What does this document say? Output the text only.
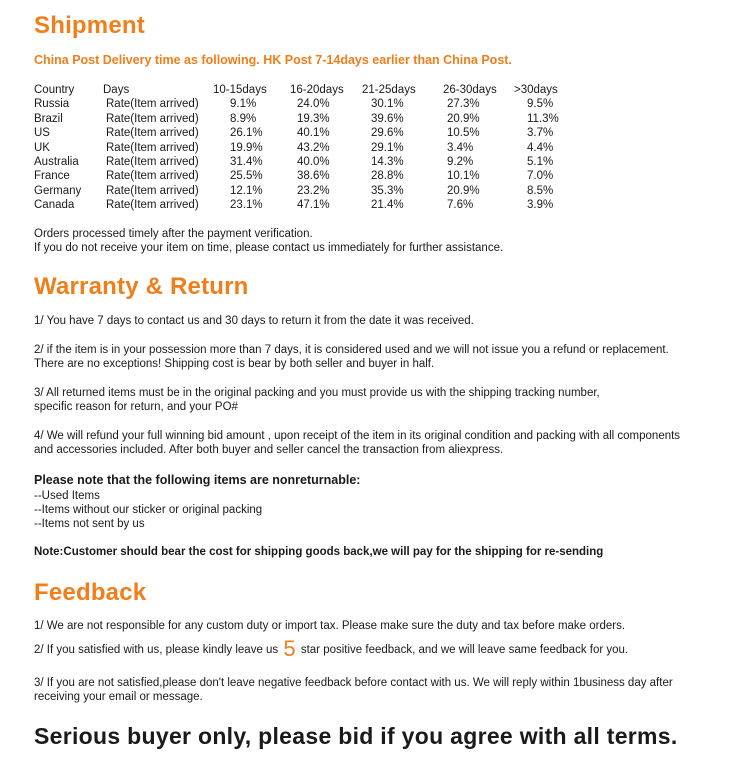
Shipment
China Post Delivery time as following. HK Post 7-14days earlier than China Post.
Country Days	10-15days 16-20days 21-25days 26-30days >30days
Russia	Rate(Item arrived)	9.1%	24.0%	30.1%	27.3%	9.5%
Brazil	Rate(Item arrived)	8.9%	19.3%	39.6%	20.9%	11.3%
US	Rate(Item arrived)	26.1%	40.1%	29.6%	10.5%	3.7%
UK	Rate(Item arrived)	19.9%	43.2%	29.1%	3.4%	4.4%
Australia Rate(Item arrived)	31.4%	40.0%	14.3%	9.2%	5.1%
France	Rate(Item arrived)	25.5%	38.6%	28.8%	10.1%	7.0%
Germany Rate(Item arrived)	12.1%	23.2%	35.3%	20.9%	8.5%
Canada	Rate(Item arrived)	23.1%	47.1%	21.4%	7.6%	3.9%
Orders processed timely after the payment verification.
If you do not receive your item on time, please contact us immediately for further assistance.
Warranty & Return
1/ You have 7 days to contact us and 30 days to return it from the date it was received.
2/ if the item is in your possession more than 7 days, it is considered used and we will not issue you a refund or replacement.
There are no exceptions! Shipping cost is bear by both seller and buyer in half.
3/ All returned items must be in the original packing and you must provide us with the shipping tracking number,
specific reason for return, and your PO#
4/ We will refund your full winning bid amount , upon receipt of the item in its original condition and packing with all components
and accessories included. After both buyer and seller cancel the transaction from aliexpress.
Please note that the following items are nonreturnable:
--Used Items
--Items without our sticker or original packing
--Items not sent by us
Note:Customer should bear the cost for shipping goods back,we will pay for the shipping for re-sending
Feedback
1/ We are not responsible for any custom duty or import tax. Please make sure the duty and tax before make orders.
2/ If you satisfied with us, please kindly leave us 5 star positive feedback, and we will leave same feedback for you.
3/ If you are not satisfied,please don't leave negative feedback before contact with us. We will reply within 1business day after
receiving your email or message.
Serious buyer only, please bid if you agree with all terms.
